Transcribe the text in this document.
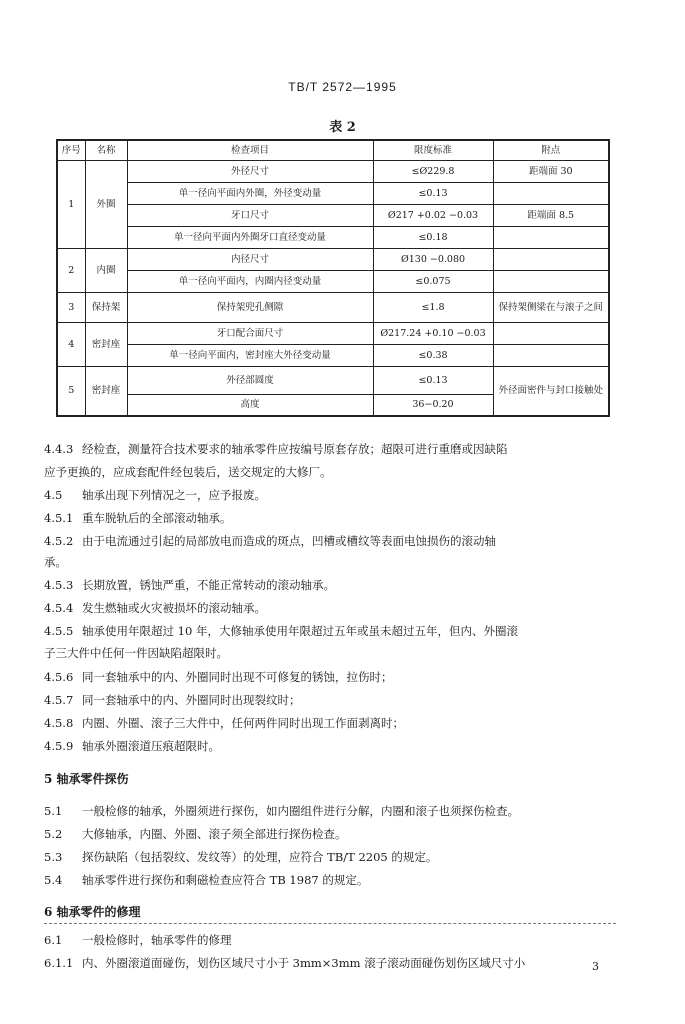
TB/T 2572—1995
表 2
序号	名称	检查项目	限度标准	附点
1	外圈	外径尺寸	≤Ø229.8	距端面 30
		单一径向平面内外圈，外径变动量	≤0.13	
		牙口尺寸	Ø217 +0.02 −0.03	距端面 8.5
		单一径向平面内外圈牙口直径变动量	≤0.18	
2	内圈	内径尺寸	Ø130 −0.080	
		单一径向平面内，内圈内径变动量	≤0.075	
3	保持架	保持架兜孔侧隙	≤1.8	保持架侧梁在与滚子之间
4	密封座	牙口配合面尺寸	Ø217.24 +0.10 −0.03	
		单一径向平面内，密封座大外径变动量	≤0.38	
5	密封座	外径部圆度	≤0.13	外径面密件与封口接触处
		高度	36−0.20	
4.4.3 经检查，测量符合技术要求的轴承零件应按编号原套存放；超限可进行重磨或因缺陷
应予更换的，应成套配件经包装后，送交规定的大修厂。
4.5 轴承出现下列情况之一，应予报废。
4.5.1 重车脱轨后的全部滚动轴承。
4.5.2 由于电流通过引起的局部放电而造成的斑点，凹槽或槽纹等表面电蚀损伤的滚动轴
承。
4.5.3 长期放置，锈蚀严重，不能正常转动的滚动轴承。
4.5.4 发生燃轴或火灾被损坏的滚动轴承。
4.5.5 轴承使用年限超过 10 年，大修轴承使用年限超过五年或虽未超过五年，但内、外圈滚
子三大件中任何一件因缺陷超限时。
4.5.6 同一套轴承中的内、外圈同时出现不可修复的锈蚀，拉伤时；
4.5.7 同一套轴承中的内、外圈同时出现裂纹时；
4.5.8 内圈、外圈、滚子三大件中，任何两件同时出现工作面剥离时；
4.5.9 轴承外圈滚道压痕超限时。
5 轴承零件探伤
5.1 一般检修的轴承，外圈须进行探伤，如内圈组件进行分解，内圈和滚子也须探伤检查。
5.2 大修轴承，内圈、外圈、滚子须全部进行探伤检查。
5.3 探伤缺陷（包括裂纹、发纹等）的处理，应符合 TB/T 2205 的规定。
5.4 轴承零件进行探伤和剩磁检查应符合 TB 1987 的规定。
6 轴承零件的修理
6.1 一般检修时，轴承零件的修理
6.1.1 内、外圈滚道面碰伤，划伤区域尺寸小于 3mm×3mm 滚子滚动面碰伤划伤区域尺寸小	3
